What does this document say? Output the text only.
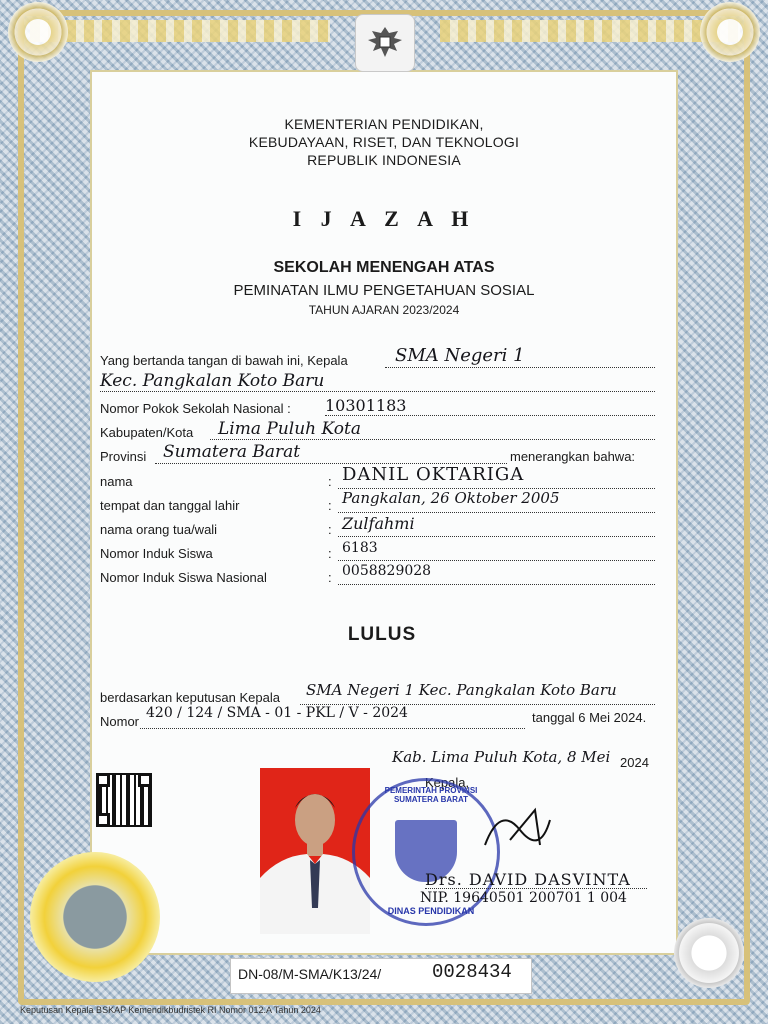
KEMENTERIAN PENDIDIKAN,
KEBUDAYAAN, RISET, DAN TEKNOLOGI
REPUBLIK INDONESIA
I J A Z A H
SEKOLAH MENENGAH ATAS
PEMINATAN ILMU PENGETAHUAN SOSIAL
TAHUN AJARAN 2023/2024
Yang bertanda tangan di bawah ini, Kepala	SMA Negeri 1
Kec. Pangkalan Koto Baru
Nomor Pokok Sekolah Nasional : 10301183
Kabupaten/Kota Lima Puluh Kota
Provinsi Sumatera Barat	menerangkan bahwa:
nama	: DANIL OKTARIGA
tempat dan tanggal lahir	: Pangkalan, 26 Oktober 2005
nama orang tua/wali	: Zulfahmi
Nomor Induk Siswa	: 6183
Nomor Induk Siswa Nasional	: 0058829028
LULUS
berdasarkan keputusan Kepala SMA Negeri 1 Kec. Pangkalan Koto Baru
Nomor
420 / 124 / SMA - 01 - PKL / V - 2024	tanggal 6 Mei 2024.
Kab. Lima Puluh Kota, 8 Mei 2024
Kepala,
PEMERINTAH PROVINSI SUMATERA BARAT
DINAS PENDIDIKAN
Drs. DAVID DASVINTA
NIP. 19640501 200701 1 004
DN-08/M-SMA/K13/24/	0028434
Keputusan Kepala BSKAP Kemendikbudristek RI Nomor 012.A Tahun 2024
